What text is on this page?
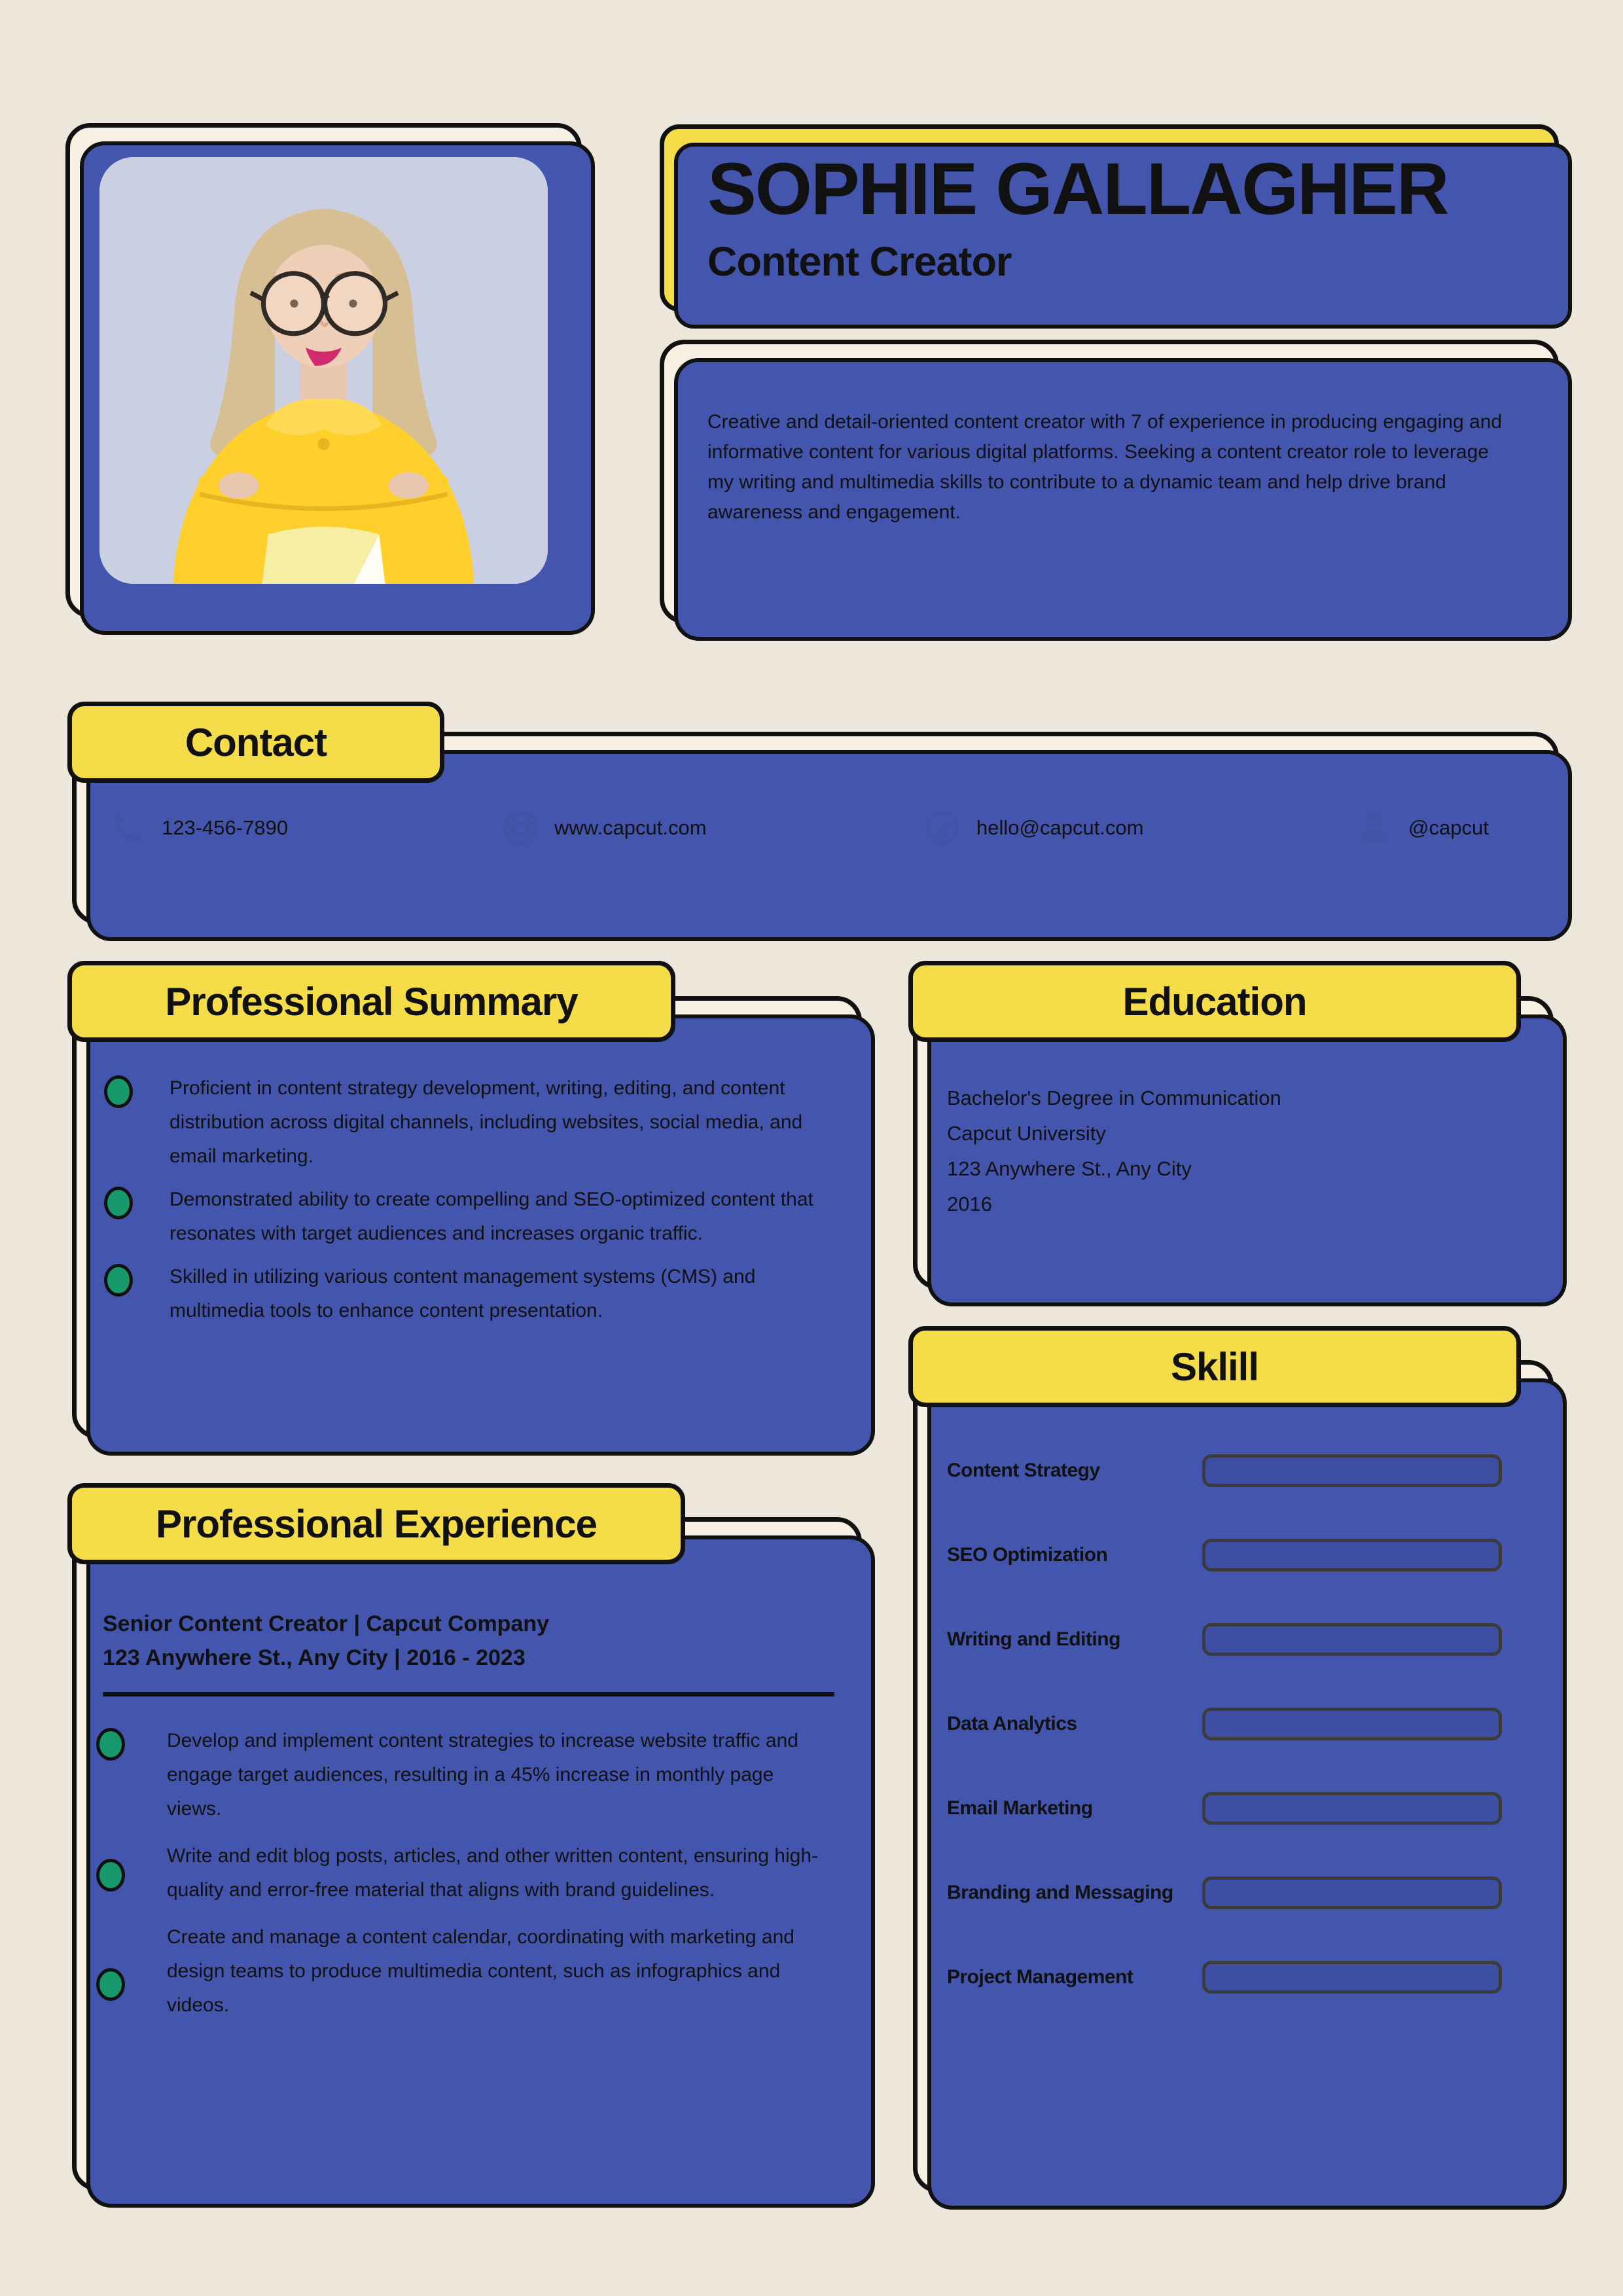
SOPHIE GALLAGHER
Content Creator

Creative and detail-oriented content creator with 7 of experience in producing engaging and informative content for various digital platforms. Seeking a content creator role to leverage my writing and multimedia skills to contribute to a dynamic team and help drive brand awareness and engagement.

Contact
123-456-7890	www.capcut.com	hello@capcut.com	@capcut
Professional Summary

Proficient in content strategy development, writing, editing, and content distribution across digital channels, including websites, social media, and email marketing.

Demonstrated ability to create compelling and SEO-optimized content that resonates with target audiences and increases organic traffic.

Skilled in utilizing various content management systems (CMS) and multimedia tools to enhance content presentation.

Education
Bachelor's Degree in Communication
Capcut University
123 Anywhere St., Any City
2016
Sklill
Content Strategy
SEO Optimization
Writing and Editing
Data Analytics
Email Marketing
Branding and Messaging
Project Management
Professional Experience
Senior Content Creator | Capcut Company
123 Anywhere St., Any City | 2016 - 2023

Develop and implement content strategies to increase website traffic and engage target audiences, resulting in a 45% increase in monthly page views.

Write and edit blog posts, articles, and other written content, ensuring high-quality and error-free material that aligns with brand guidelines.

Create and manage a content calendar, coordinating with marketing and design teams to produce multimedia content, such as infographics and videos.
